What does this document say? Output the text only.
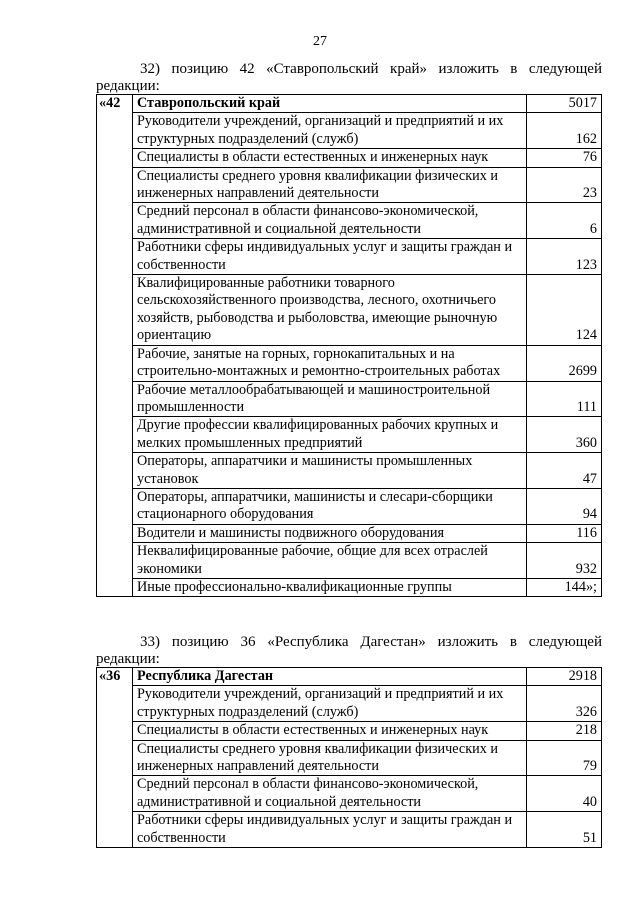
27
32) позицию 42 «Ставропольский край» изложить в следующей
редакции:
«42	Ставропольский край	5017
	Руководители учреждений, организаций и предприятий и их структурных подразделений (служб)	162
	Специалисты в области естественных и инженерных наук	76
	Специалисты среднего уровня квалификации физических и инженерных направлений деятельности	23
	Средний персонал в области финансово-экономической, административной и социальной деятельности	6
	Работники сферы индивидуальных услуг и защиты граждан и собственности	123
	Квалифицированные работники товарного сельскохозяйственного производства, лесного, охотничьего хозяйств, рыбоводства и рыболовства, имеющие рыночную ориентацию	124
	Рабочие, занятые на горных, горнокапитальных и на строительно-монтажных и ремонтно-строительных работах	2699
	Рабочие металлообрабатывающей и машиностроительной промышленности	111
	Другие профессии квалифицированных рабочих крупных и мелких промышленных предприятий	360
	Операторы, аппаратчики и машинисты промышленных установок	47
	Операторы, аппаратчики, машинисты и слесари-сборщики стационарного оборудования	94
	Водители и машинисты подвижного оборудования	116
	Неквалифицированные рабочие, общие для всех отраслей экономики	932
	Иные профессионально-квалификационные группы	144»;
33) позицию 36 «Республика Дагестан» изложить в следующей
редакции:
«36	Республика Дагестан	2918
	Руководители учреждений, организаций и предприятий и их структурных подразделений (служб)	326
	Специалисты в области естественных и инженерных наук	218
	Специалисты среднего уровня квалификации физических и инженерных направлений деятельности	79
	Средний персонал в области финансово-экономической, административной и социальной деятельности	40
	Работники сферы индивидуальных услуг и защиты граждан и собственности	51
